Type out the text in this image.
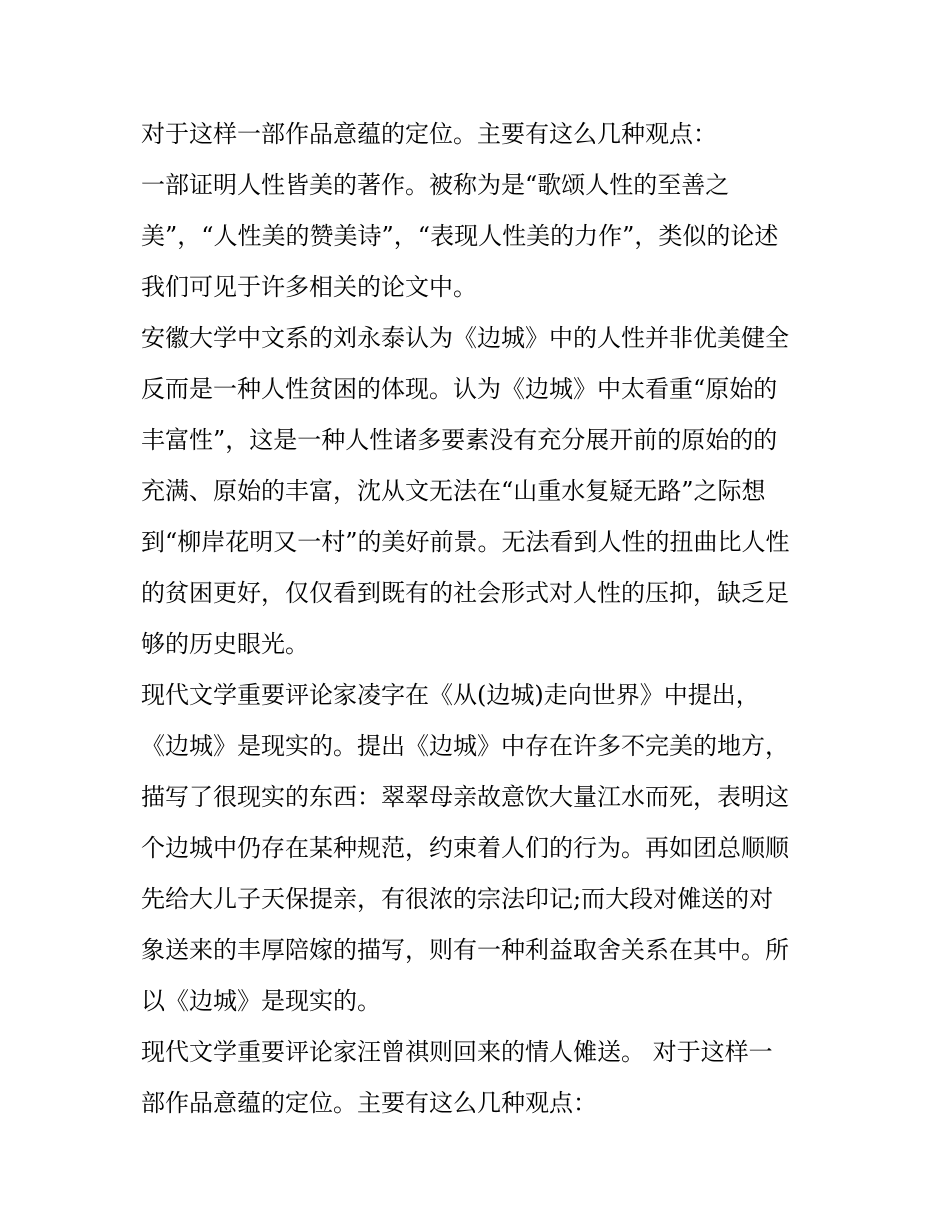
对于这样一部作品意蕴的定位。主要有这么几种观点：
一部证明人性皆美的著作。被称为是“歌颂人性的至善之
美”，“人性美的赞美诗”，“表现人性美的力作”，类似的论述
我们可见于许多相关的论文中。
安徽大学中文系的刘永泰认为《边城》中的人性并非优美健全
反而是一种人性贫困的体现。认为《边城》中太看重“原始的
丰富性”，这是一种人性诸多要素没有充分展开前的原始的的
充满、原始的丰富，沈从文无法在“山重水复疑无路”之际想
到“柳岸花明又一村”的美好前景。无法看到人性的扭曲比人性
的贫困更好，仅仅看到既有的社会形式对人性的压抑，缺乏足
够的历史眼光。
现代文学重要评论家凌字在《从(边城)走向世界》中提出，
《边城》是现实的。提出《边城》中存在许多不完美的地方，
描写了很现实的东西：翠翠母亲故意饮大量江水而死，表明这
个边城中仍存在某种规范，约束着人们的行为。再如团总顺顺
先给大儿子天保提亲，有很浓的宗法印记;而大段对傩送的对
象送来的丰厚陪嫁的描写，则有一种利益取舍关系在其中。所
以《边城》是现实的。
现代文学重要评论家汪曾祺则回来的情人傩送。 对于这样一
部作品意蕴的定位。主要有这么几种观点：
